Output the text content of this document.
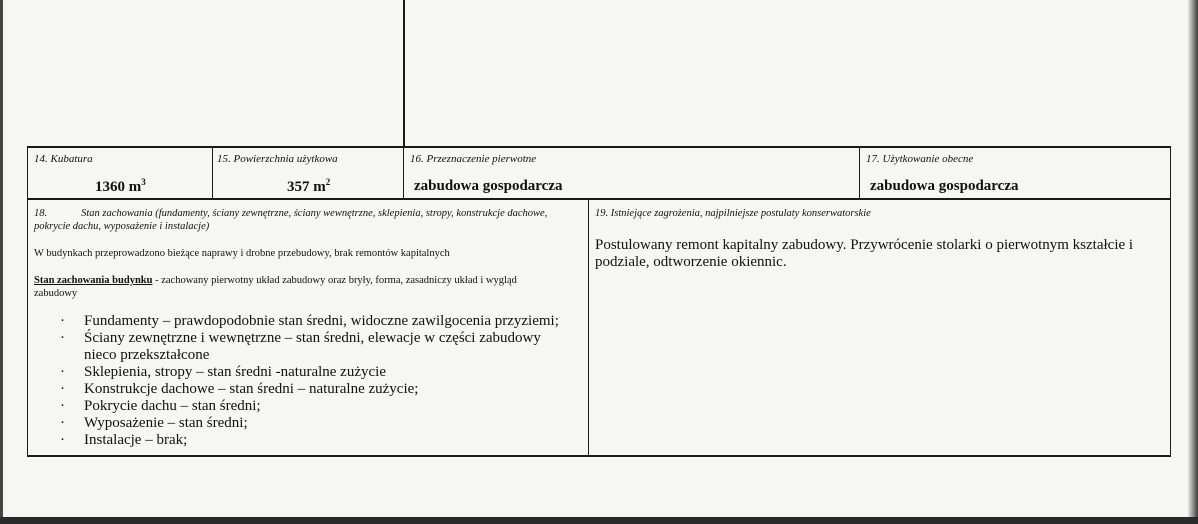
14. Kubatura
1360 $m^3$
15. Powierzchnia użytkowa
357 $m^2$
16. Przeznaczenie pierwotne
zabudowa gospodarcza
17. Użytkowanie obecne
zabudowa gospodarcza
18.	Stan zachowania (fundamenty, ściany zewnętrzne, ściany wewnętrzne, sklepienia, stropy, konstrukcje dachowe,
pokrycie dachu, wyposażenie i instalacje)
W budynkach przeprowadzono bieżące naprawy i drobne przebudowy, brak remontów kapitalnych
Stan zachowania budynku - zachowany pierwotny układ zabudowy oraz bryły, forma, zasadniczy układ i wygląd
zabudowy
· Fundamenty – prawdopodobnie stan średni, widoczne zawilgocenia przyziemi;
· Ściany zewnętrzne i wewnętrzne – stan średni, elewacje w części zabudowy
nieco przekształcone
· Sklepienia, stropy – stan średni -naturalne zużycie
· Konstrukcje dachowe – stan średni – naturalne zużycie;
· Pokrycie dachu – stan średni;
· Wyposażenie – stan średni;
· Instalacje – brak;
19. Istniejące zagrożenia, najpilniejsze postulaty konserwatorskie
Postulowany remont kapitalny zabudowy. Przywrócenie stolarki o pierwotnym kształcie i
podziale, odtworzenie okiennic.
